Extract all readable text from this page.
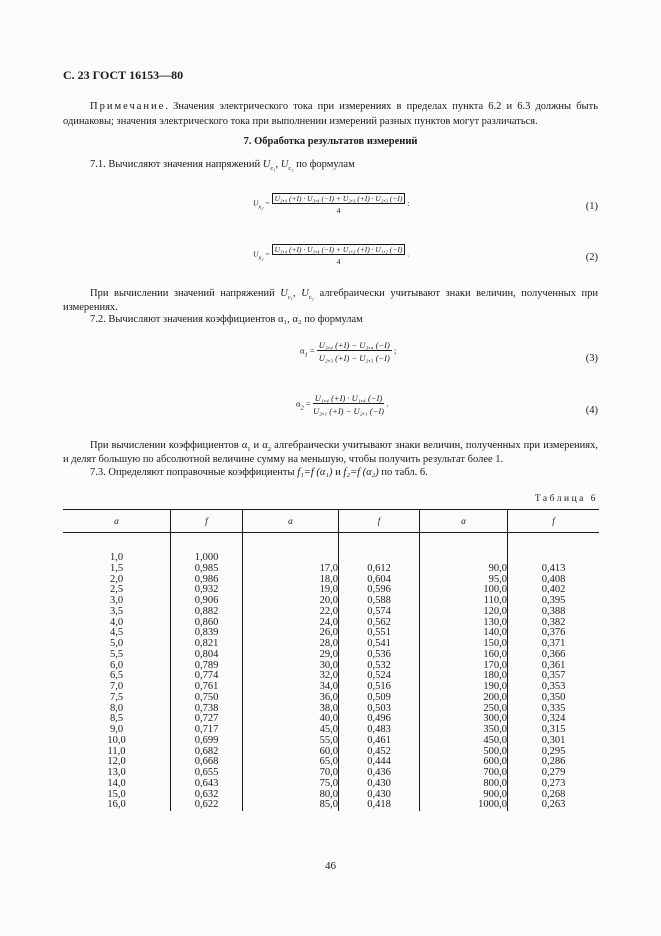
С. 23 ГОСТ 16153—80
Примечание. Значения электрического тока при измерениях в пределах пункта 6.2 и 6.3 должны быть одинаковы; значения электрического тока при выполнении измерений разных пунктов могут различаться.
7. Обработка результатов измерений
7.1. Вычисляют значения напряжений $U_{c_1}$, $U_{c_2}$ по формулам
$U_{x_2} = \frac{\text{U₃,₄ (+I) · U₃,₄ (−I) + U₂,₃ (+I) · U₂,₃ (−I)}}{4}$ ;	(1)
$U_{x_2} = \frac{\text{U₁,₄ (+I) · U₁,₄ (−I) + U₁,₂ (+I) · U₁,₂ (−I)}}{4}$ .	(2)
При вычислении значений напряжений $U_{c_1}$, $U_{c_2}$ алгебраически учитывают знаки величин, полученных при измерениях.
7.2. Вычисляют значения коэффициентов α₁, α₂ по формулам
$\alpha_1 = \frac{\text{U₃,₄ (+I) − U₃,₄ (−I)}}{\text{U₂,₃ (+I) − U₂,₃ (−I)}}$ ;
(3)
$\alpha_2 = \frac{\text{U₁,₄ (+I) · U₁,₄ (−I)}}{\text{U₂,₁ (+I) − U₂,₁ (−I)}}$ .
(4)
При вычислении коэффициентов $\alpha_1$ и $\alpha_2$ алгебраически учитывают знаки величин, полученных при измерениях, и делят большую по абсолютной величине сумму на меньшую, чтобы получить результат более 1.
7.3. Определяют поправочные коэффициенты f₁=f (α₁) и f₂=f (α₂) по табл. 6.
Таблица 6
α	f	α	f	α	f

1,0	1,000				
1,5	0,985	17,0	0,612	90,0	0,413
2,0	0,986	18,0	0,604	95,0	0,408
2,5	0,932	19,0	0,596	100,0	0,402
3,0	0,906	20,0	0,588	110,0	0,395
3,5	0,882	22,0	0,574	120,0	0,388
4,0	0,860	24,0	0,562	130,0	0,382
4,5	0,839	26,0	0,551	140,0	0,376
5,0	0,821	28,0	0,541	150,0	0,371
5,5	0,804	29,0	0,536	160,0	0,366
6,0	0,789	30,0	0,532	170,0	0,361
6,5	0,774	32,0	0,524	180,0	0,357
7,0	0,761	34,0	0,516	190,0	0,353
7,5	0,750	36,0	0,509	200,0	0,350
8,0	0,738	38,0	0,503	250,0	0,335
8,5	0,727	40,0	0,496	300,0	0,324
9,0	0,717	45,0	0,483	350,0	0,315
10,0	0,699	55,0	0,461	450,0	0,301
11,0	0,682	60,0	0,452	500,0	0,295
12,0	0,668	65,0	0,444	600,0	0,286
13,0	0,655	70,0	0,436	700,0	0,279
14,0	0,643	75,0	0,430	800,0	0,273
15,0	0,632	80,0	0,430	900,0	0,268
16,0	0,622	85,0	0,418	1000,0	0,263
46
